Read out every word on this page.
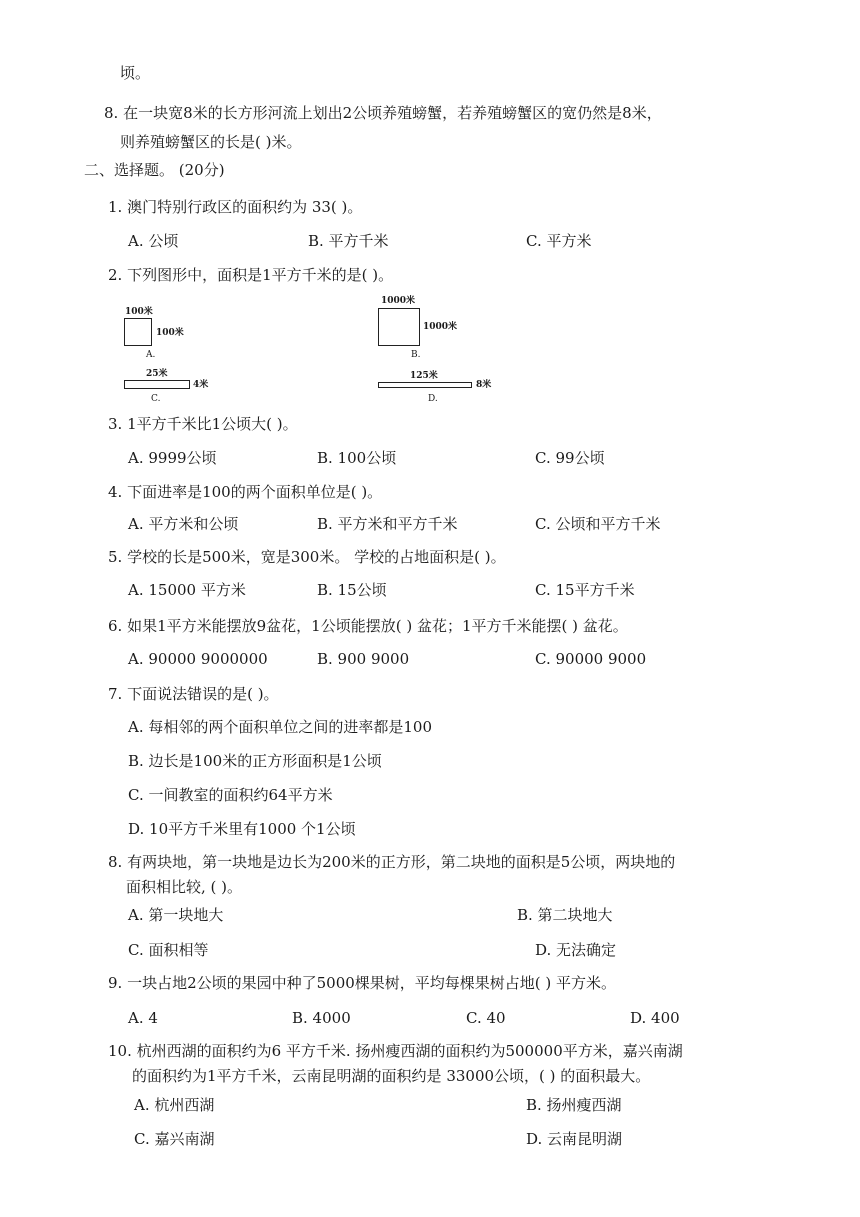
顷。
8. 在一块宽8米的长方形河流上划出2公顷养殖螃蟹，若养殖螃蟹区的宽仍然是8米，
则养殖螃蟹区的长是( )米。
二、选择题。 (20分)
1. 澳门特别行政区的面积约为 33( )。
A. 公顷	B. 平方千米	C. 平方米
2. 下列图形中，面积是1平方千米的是( )。
100米
100米
A.
1000米
1000米
B.
25米
4米
C.
125米
8米
D.
3. 1平方千米比1公顷大( )。
A. 9999公顷	B. 100公顷	C. 99公顷
4. 下面进率是100的两个面积单位是( )。
A. 平方米和公顷	B. 平方米和平方千米	C. 公顷和平方千米
5. 学校的长是500米，宽是300米。 学校的占地面积是( )。
A. 15000 平方米	B. 15公顷	C. 15平方千米
6. 如果1平方米能摆放9盆花，1公顷能摆放( ) 盆花；1平方千米能摆( ) 盆花。
A. 90000 9000000	B. 900 9000	C. 90000 9000
7. 下面说法错误的是( )。
A. 每相邻的两个面积单位之间的进率都是100
B. 边长是100米的正方形面积是1公顷
C. 一间教室的面积约64平方米
D. 10平方千米里有1000 个1公顷
8. 有两块地，第一块地是边长为200米的正方形，第二块地的面积是5公顷，两块地的
面积相比较, ( )。
A. 第一块地大	B. 第二块地大
C. 面积相等	D. 无法确定
9. 一块占地2公顷的果园中种了5000棵果树，平均每棵果树占地( ) 平方米。
A. 4	B. 4000	C. 40	D. 400
10. 杭州西湖的面积约为6 平方千米. 扬州瘦西湖的面积约为500000平方米，嘉兴南湖
的面积约为1平方千米，云南昆明湖的面积约是 33000公顷，( ) 的面积最大。
A. 杭州西湖	B. 扬州瘦西湖
C. 嘉兴南湖	D. 云南昆明湖
